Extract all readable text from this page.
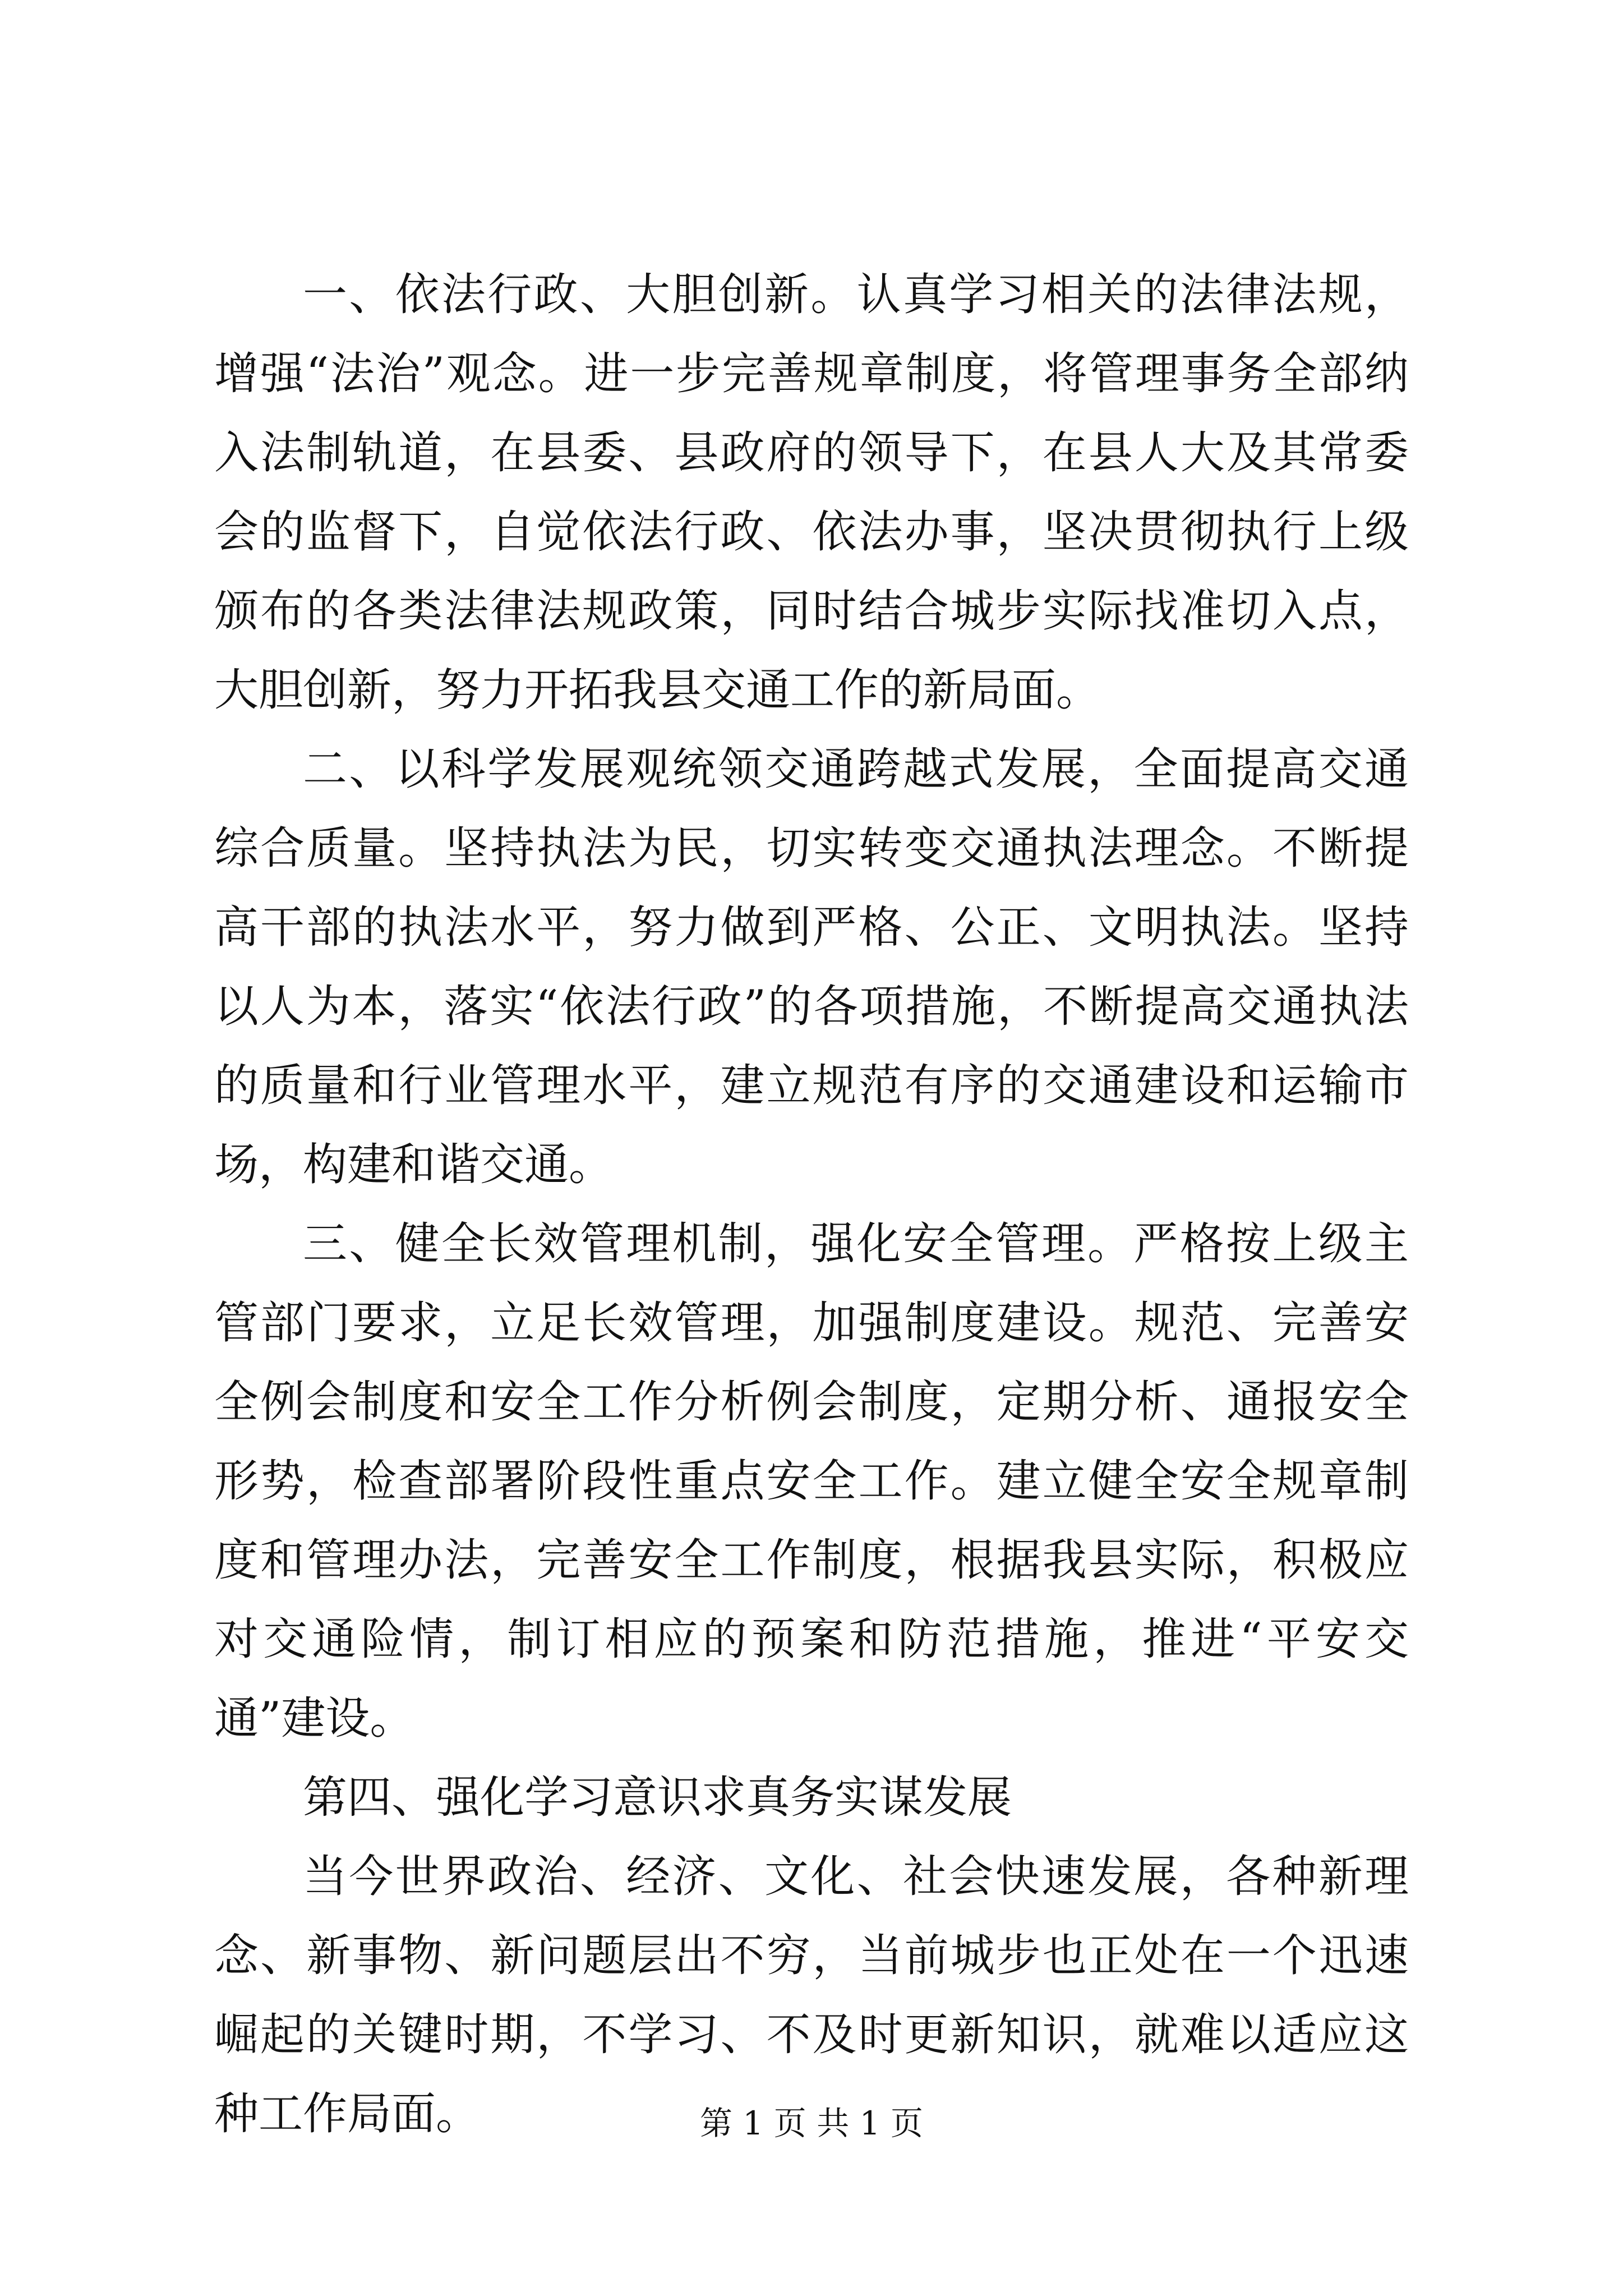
一、依法行政、大胆创新。认真学习相关的法律法规，增强“法治”观念。进一步完善规章制度，将管理事务全部纳入法制轨道，在县委、县政府的领导下，在县人大及其常委会的监督下，自觉依法行政、依法办事，坚决贯彻执行上级颁布的各类法律法规政策，同时结合城步实际找准切入点，大胆创新，努力开拓我县交通工作的新局面。

二、以科学发展观统领交通跨越式发展，全面提高交通综合质量。坚持执法为民，切实转变交通执法理念。不断提高干部的执法水平，努力做到严格、公正、文明执法。坚持以人为本，落实“依法行政”的各项措施，不断提高交通执法的质量和行业管理水平，建立规范有序的交通建设和运输市场，构建和谐交通。

三、健全长效管理机制，强化安全管理。严格按上级主管部门要求，立足长效管理，加强制度建设。规范、完善安全例会制度和安全工作分析例会制度，定期分析、通报安全形势，检查部署阶段性重点安全工作。建立健全安全规章制度和管理办法，完善安全工作制度，根据我县实际，积极应对交通险情，制订相应的预案和防范措施，推进“平安交通”建设。

第四、强化学习意识求真务实谋发展

当今世界政治、经济、文化、社会快速发展，各种新理念、新事物、新问题层出不穷，当前城步也正处在一个迅速崛起的关键时期，不学习、不及时更新知识，就难以适应这种工作局面。	第 1 页 共 1 页
